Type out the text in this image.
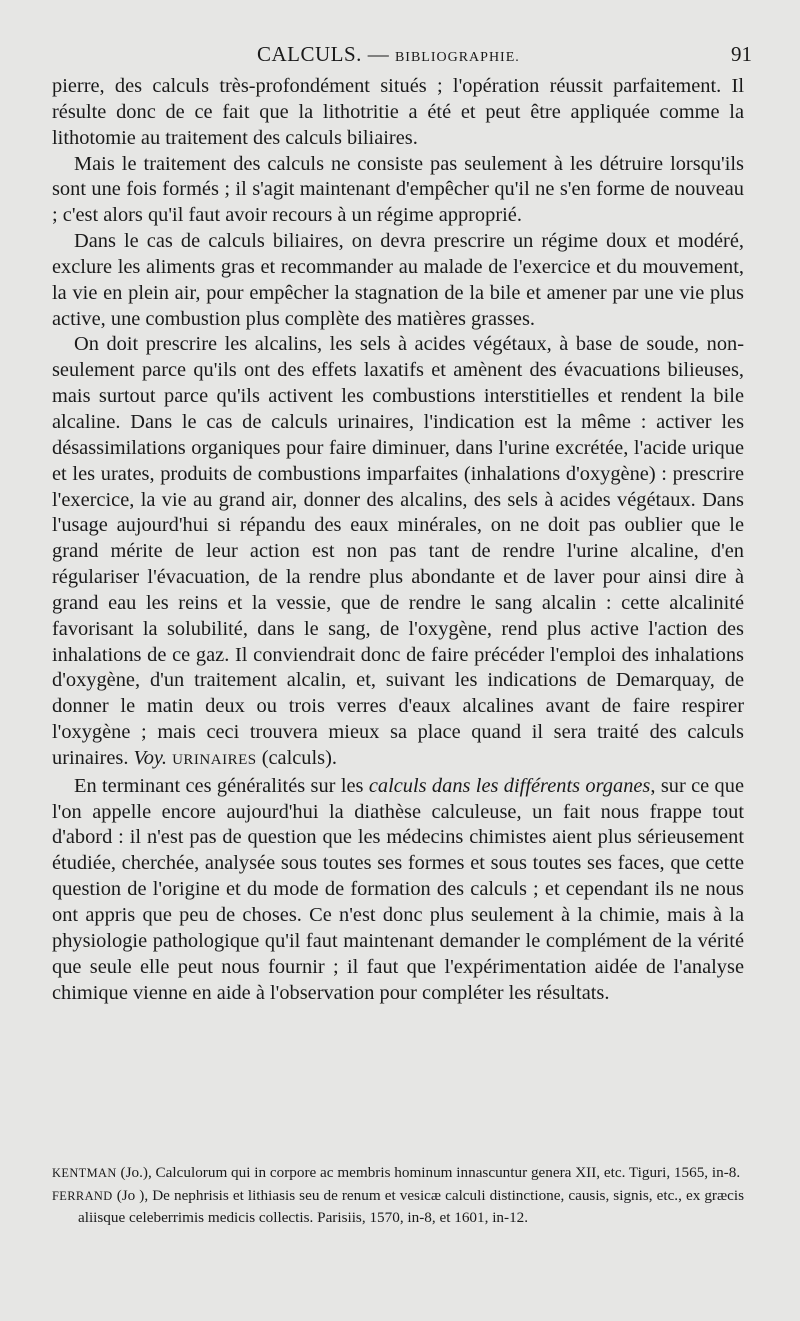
CALCULS. — BIBLIOGRAPHIE.	91

pierre, des calculs très-profondément situés ; l'opération réussit parfaitement. Il résulte donc de ce fait que la lithotritie a été et peut être appliquée comme la lithotomie au traitement des calculs biliaires.

Mais le traitement des calculs ne consiste pas seulement à les détruire lorsqu'ils sont une fois formés ; il s'agit maintenant d'empêcher qu'il ne s'en forme de nouveau ; c'est alors qu'il faut avoir recours à un régime approprié.

Dans le cas de calculs biliaires, on devra prescrire un régime doux et modéré, exclure les aliments gras et recommander au malade de l'exercice et du mouvement, la vie en plein air, pour empêcher la stagnation de la bile et amener par une vie plus active, une combustion plus complète des matières grasses.

On doit prescrire les alcalins, les sels à acides végétaux, à base de soude, non-seulement parce qu'ils ont des effets laxatifs et amènent des évacuations bilieuses, mais surtout parce qu'ils activent les combustions interstitielles et rendent la bile alcaline. Dans le cas de calculs urinaires, l'indication est la même : activer les désassimilations organiques pour faire diminuer, dans l'urine excrétée, l'acide urique et les urates, produits de combustions imparfaites (inhalations d'oxygène) : prescrire l'exercice, la vie au grand air, donner des alcalins, des sels à acides végétaux. Dans l'usage aujourd'hui si répandu des eaux minérales, on ne doit pas oublier que le grand mérite de leur action est non pas tant de rendre l'urine alcaline, d'en régulariser l'évacuation, de la rendre plus abondante et de laver pour ainsi dire à grand eau les reins et la vessie, que de rendre le sang alcalin : cette alcalinité favorisant la solubilité, dans le sang, de l'oxygène, rend plus active l'action des inhalations de ce gaz. Il conviendrait donc de faire précéder l'emploi des inhalations d'oxygène, d'un traitement alcalin, et, suivant les indications de Demarquay, de donner le matin deux ou trois verres d'eaux alcalines avant de faire respirer l'oxygène ; mais ceci trouvera mieux sa place quand il sera traité des calculs urinaires. Voy. URINAIRES (calculs).

En terminant ces généralités sur les calculs dans les différents organes, sur ce que l'on appelle encore aujourd'hui la diathèse calculeuse, un fait nous frappe tout d'abord : il n'est pas de question que les médecins chimistes aient plus sérieusement étudiée, cherchée, analysée sous toutes ses formes et sous toutes ses faces, que cette question de l'origine et du mode de formation des calculs ; et cependant ils ne nous ont appris que peu de choses. Ce n'est donc plus seulement à la chimie, mais à la physiologie pathologique qu'il faut maintenant demander le complément de la vérité que seule elle peut nous fournir ; il faut que l'expérimentation aidée de l'analyse chimique vienne en aide à l'observation pour compléter les résultats.

KENTMAN (Jo.), Calculorum qui in corpore ac membris hominum innascuntur genera XII, etc. Tiguri, 1565, in-8.

FERRAND (Jo ), De nephrisis et lithiasis seu de renum et vesicæ calculi distinctione, causis, signis, etc., ex græcis aliisque celeberrimis medicis collectis. Parisiis, 1570, in-8, et 1601, in-12.
